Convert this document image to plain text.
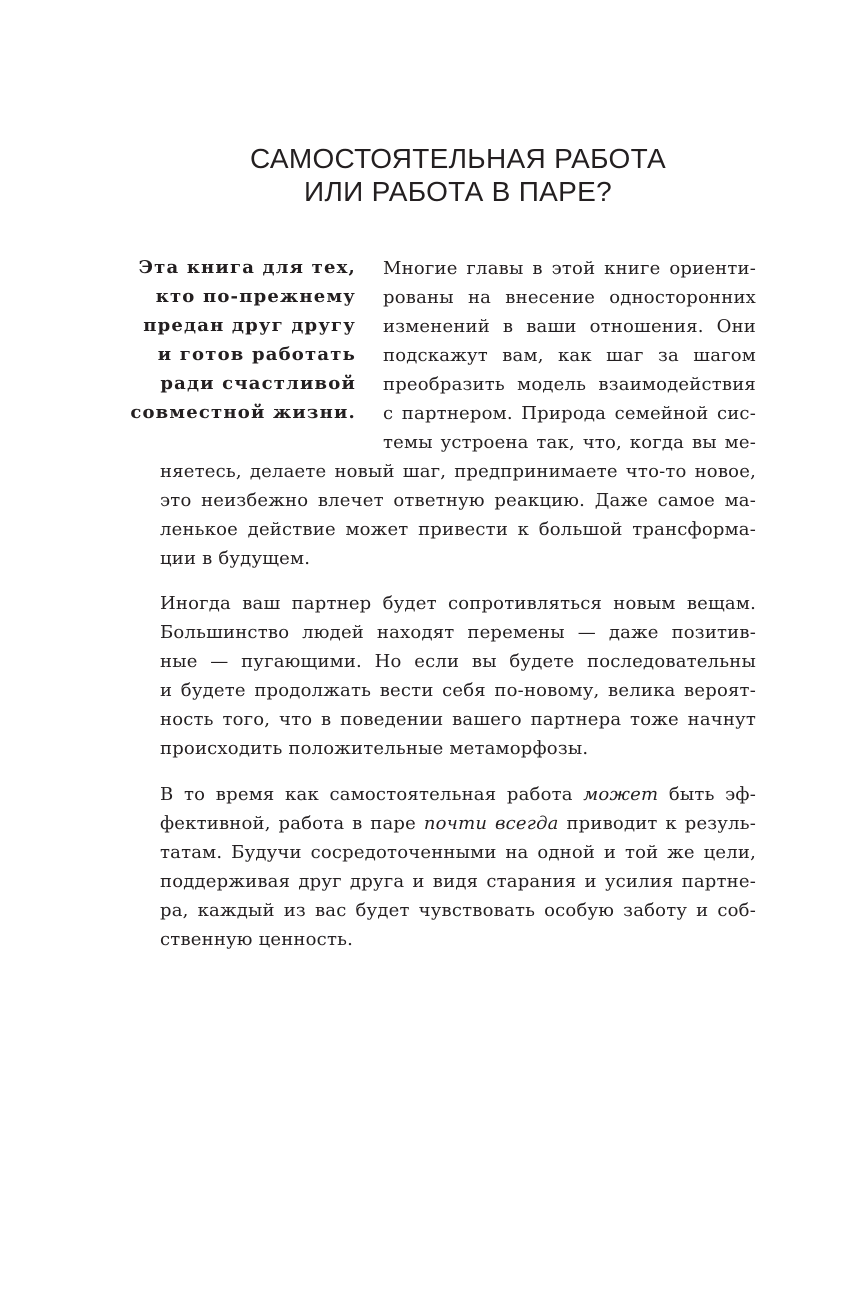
САМОСТОЯТЕЛЬНАЯ РАБОТА
ИЛИ РАБОТА В ПАРЕ?
Эта книга для тех,
кто по-прежнему
предан друг другу
и готов работать
ради счастливой
совместной жизни.
Многие главы в этой книге ориенти-
рованы на внесение односторонних
изменений в ваши отношения. Они
подскажут вам, как шаг за шагом
преобразить модель взаимодействия
с партнером. Природа семейной сис-
темы устроена так, что, когда вы ме-
няетесь, делаете новый шаг, предпринимаете что-то новое,
это неизбежно влечет ответную реакцию. Даже самое ма-
ленькое действие может привести к большой трансформа-
ции в будущем.
Иногда ваш партнер будет сопротивляться новым вещам.
Большинство людей находят перемены — даже позитив-
ные — пугающими. Но если вы будете последовательны
и будете продолжать вести себя по-новому, велика вероят-
ность того, что в поведении вашего партнера тоже начнут
происходить положительные метаморфозы.
В то время как самостоятельная работа может быть эф-
фективной, работа в паре почти всегда приводит к резуль-
татам. Будучи сосредоточенными на одной и той же цели,
поддерживая друг друга и видя старания и усилия партне-
ра, каждый из вас будет чувствовать особую заботу и соб-
ственную ценность.
